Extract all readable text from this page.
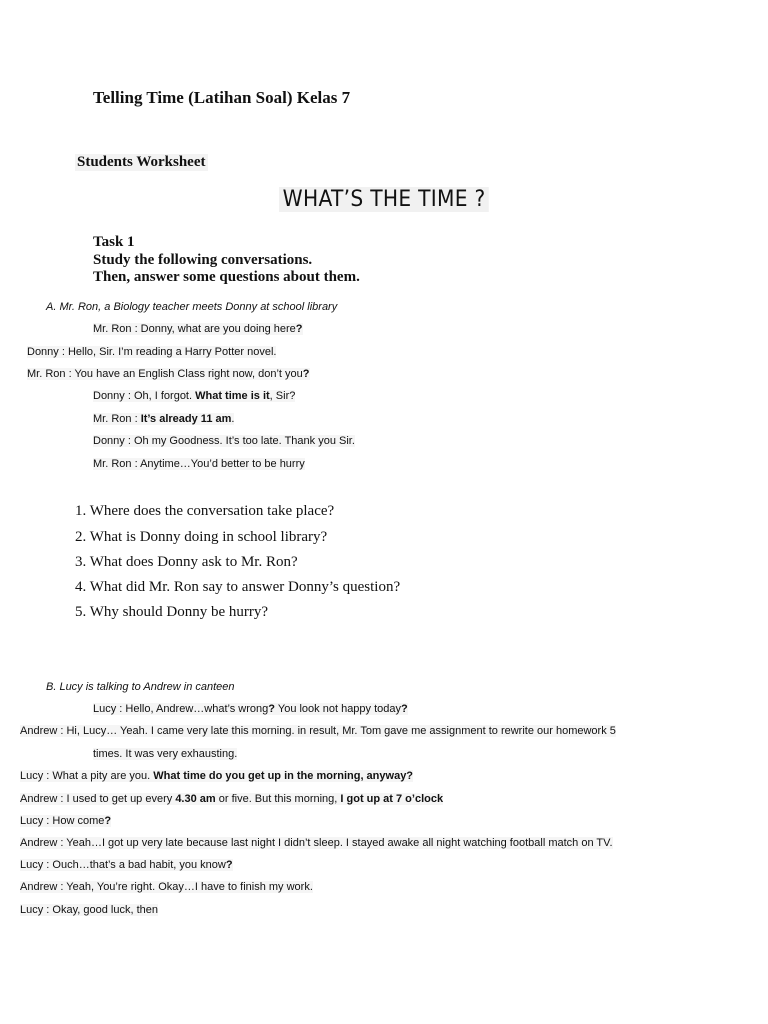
Telling Time (Latihan Soal) Kelas 7
Students Worksheet
WHAT’S THE TIME ?
Task 1
Study the following conversations.
Then, answer some questions about them.
A. Mr. Ron, a Biology teacher meets Donny at school library
Mr. Ron : Donny, what are you doing here?
Donny : Hello, Sir. I’m reading a Harry Potter novel.
Mr. Ron : You have an English Class right now, don’t you?
Donny : Oh, I forgot. What time is it, Sir?
Mr. Ron : It’s already 11 am.
Donny : Oh my Goodness. It’s too late. Thank you Sir.
Mr. Ron : Anytime…You’d better to be hurry
1. Where does the conversation take place?
2. What is Donny doing in school library?
3. What does Donny ask to Mr. Ron?
4. What did Mr. Ron say to answer Donny’s question?
5. Why should Donny be hurry?
B. Lucy is talking to Andrew in canteen
Lucy : Hello, Andrew…what’s wrong? You look not happy today?
Andrew : Hi, Lucy… Yeah. I came very late this morning. in result, Mr. Tom gave me assignment to rewrite our homework 5
times. It was very exhausting.
Lucy : What a pity are you. What time do you get up in the morning, anyway?
Andrew : I used to get up every 4.30 am or five. But this morning, I got up at 7 o’clock
Lucy : How come?
Andrew : Yeah…I got up very late because last night I didn’t sleep. I stayed awake all night watching football match on TV.
Lucy : Ouch…that’s a bad habit, you know?
Andrew : Yeah, You’re right. Okay…I have to finish my work.
Lucy : Okay, good luck, then
